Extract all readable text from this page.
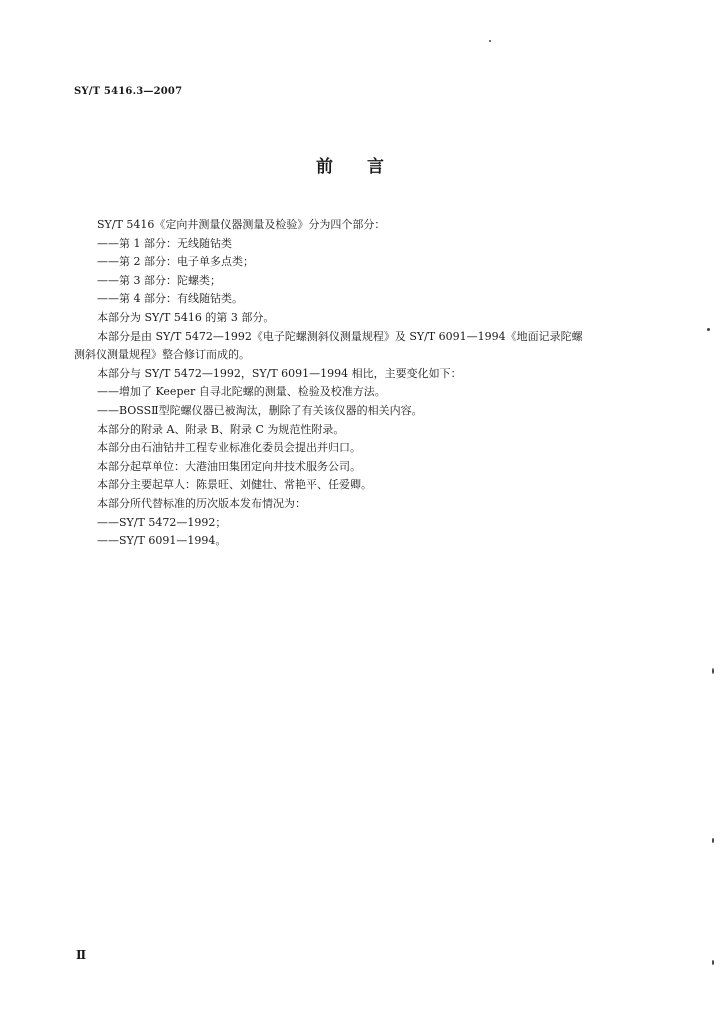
SY/T 5416.3—2007
前言
SY/T 5416《定向井测量仪器测量及检验》分为四个部分：
——第 1 部分：无线随钻类
——第 2 部分：电子单多点类；
——第 3 部分：陀螺类；
——第 4 部分：有线随钻类。
本部分为 SY/T 5416 的第 3 部分。
本部分是由 SY/T 5472—1992《电子陀螺测斜仪测量规程》及 SY/T 6091—1994《地面记录陀螺
测斜仪测量规程》整合修订而成的。
本部分与 SY/T 5472—1992，SY/T 6091—1994 相比，主要变化如下：
——增加了 Keeper 自寻北陀螺的测量、检验及校准方法。
——BOSSⅡ型陀螺仪器已被淘汰，删除了有关该仪器的相关内容。
本部分的附录 A、附录 B、附录 C 为规范性附录。
本部分由石油钻井工程专业标准化委员会提出并归口。
本部分起草单位：大港油田集团定向井技术服务公司。
本部分主要起草人：陈景旺、刘健壮、常艳平、任爱卿。
本部分所代替标准的历次版本发布情况为：
——SY/T 5472—1992；
——SY/T 6091—1994。
Ⅱ
